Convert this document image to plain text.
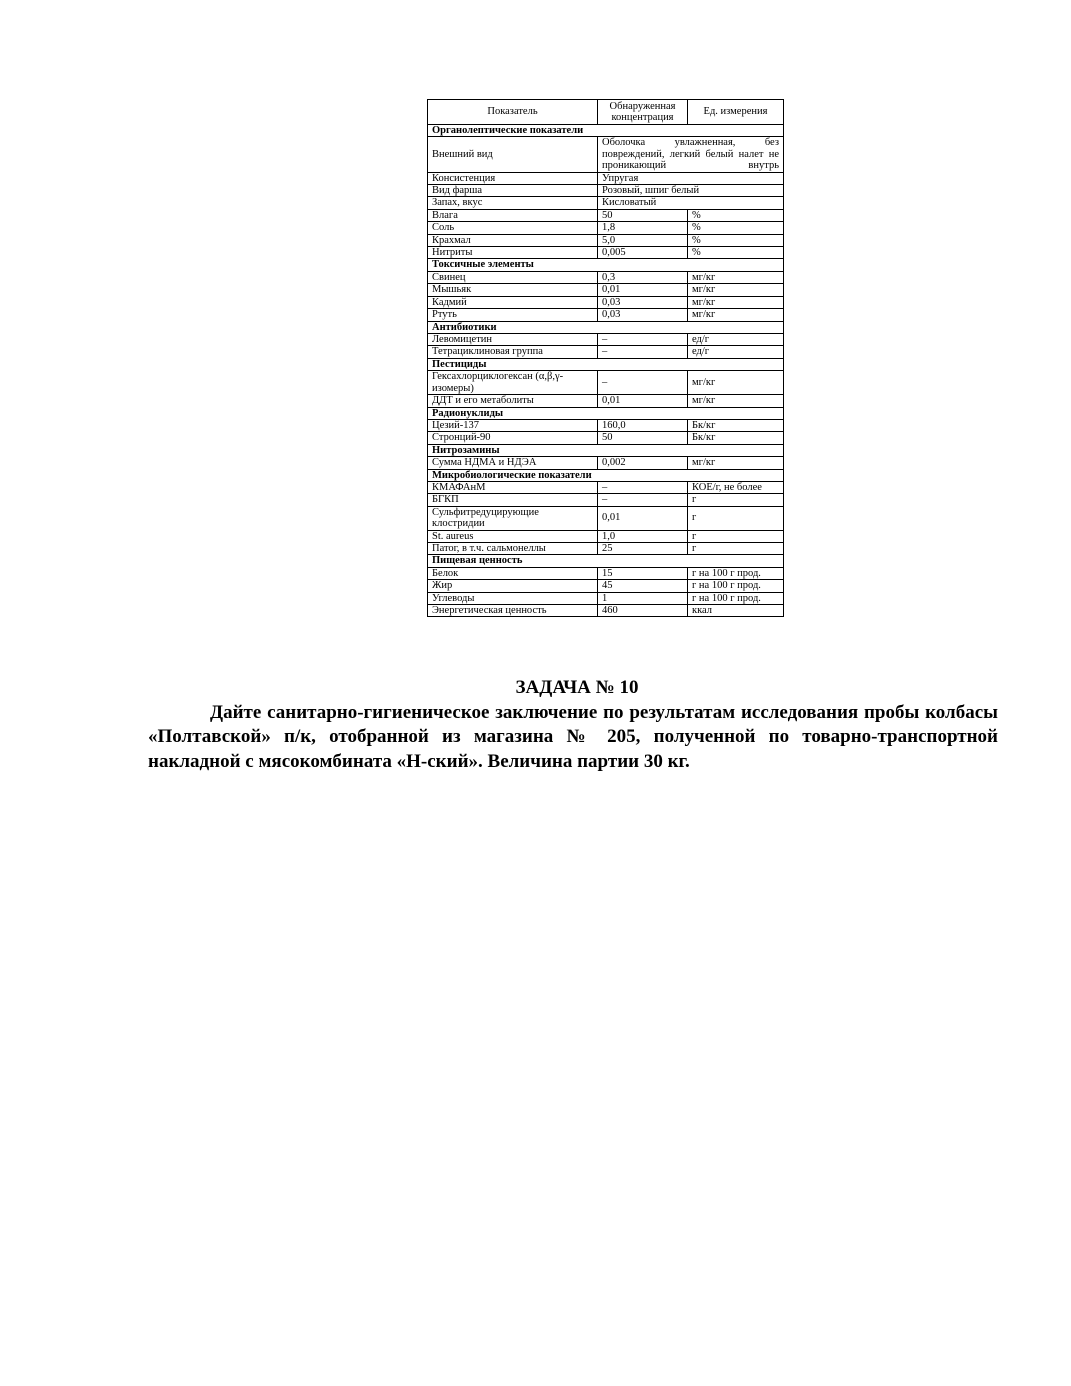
Показатель	Обнаруженная концентрация	Ед. измерения
Органолептические показатели		
Внешний вид	Оболочка увлажненная, без повреждений, легкий белый налет не проникающий внутрь	
Консистенция	Упругая	
Вид фарша	Розовый, шпиг белый	
Запах, вкус	Кисловатый	
Влага	50	%
Соль	1,8	%
Крахмал	5,0	%
Нитриты	0,005	%
Токсичные элементы		
Свинец	0,3	мг/кг
Мышьяк	0,01	мг/кг
Кадмий	0,03	мг/кг
Ртуть	0,03	мг/кг
Антибиотики		
Левомицетин	–	ед/г
Тетрациклиновая группа	–	ед/г
Пестициды		
Гексахлорциклогексан (α,β,γ-изомеры)	–	мг/кг
ДДТ и его метаболиты	0,01	мг/кг
Радионуклиды		
Цезий-137	160,0	Бк/кг
Стронций-90	50	Бк/кг
Нитрозамины		
Сумма НДМА и НДЭА	0,002	мг/кг
Микробиологические показатели		
КМАФАнМ	–	КОЕ/г, не более
БГКП	–	г
Сульфитредуцирующие клостридии	0,01	г
St. aureus	1,0	г
Патог, в т.ч. сальмонеллы	25	г
Пищевая ценность		
Белок	15	г на 100 г прод.
Жир	45	г на 100 г прод.
Углеводы	1	г на 100 г прод.
Энергетическая ценность	460	ккал

ЗАДАЧА № 10

Дайте санитарно-гигиеническое заключение по результатам исследования пробы колбасы «Полтавской» п/к, отобранной из магазина № 205, полученной по товарно-транспортной накладной с мясокомбината «Н-ский». Величина партии 30 кг.
